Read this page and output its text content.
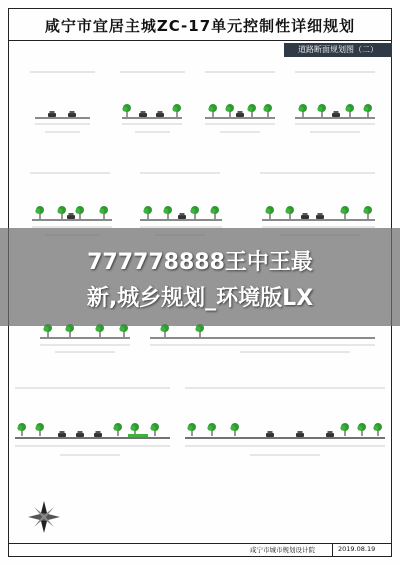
咸宁市宜居主城ZC-17单元控制性详细规划
道路断面规划图（二）
777778888王中王最
新,城乡规划_环境版LX
咸宁市城市规划设计院	2019.08.19
